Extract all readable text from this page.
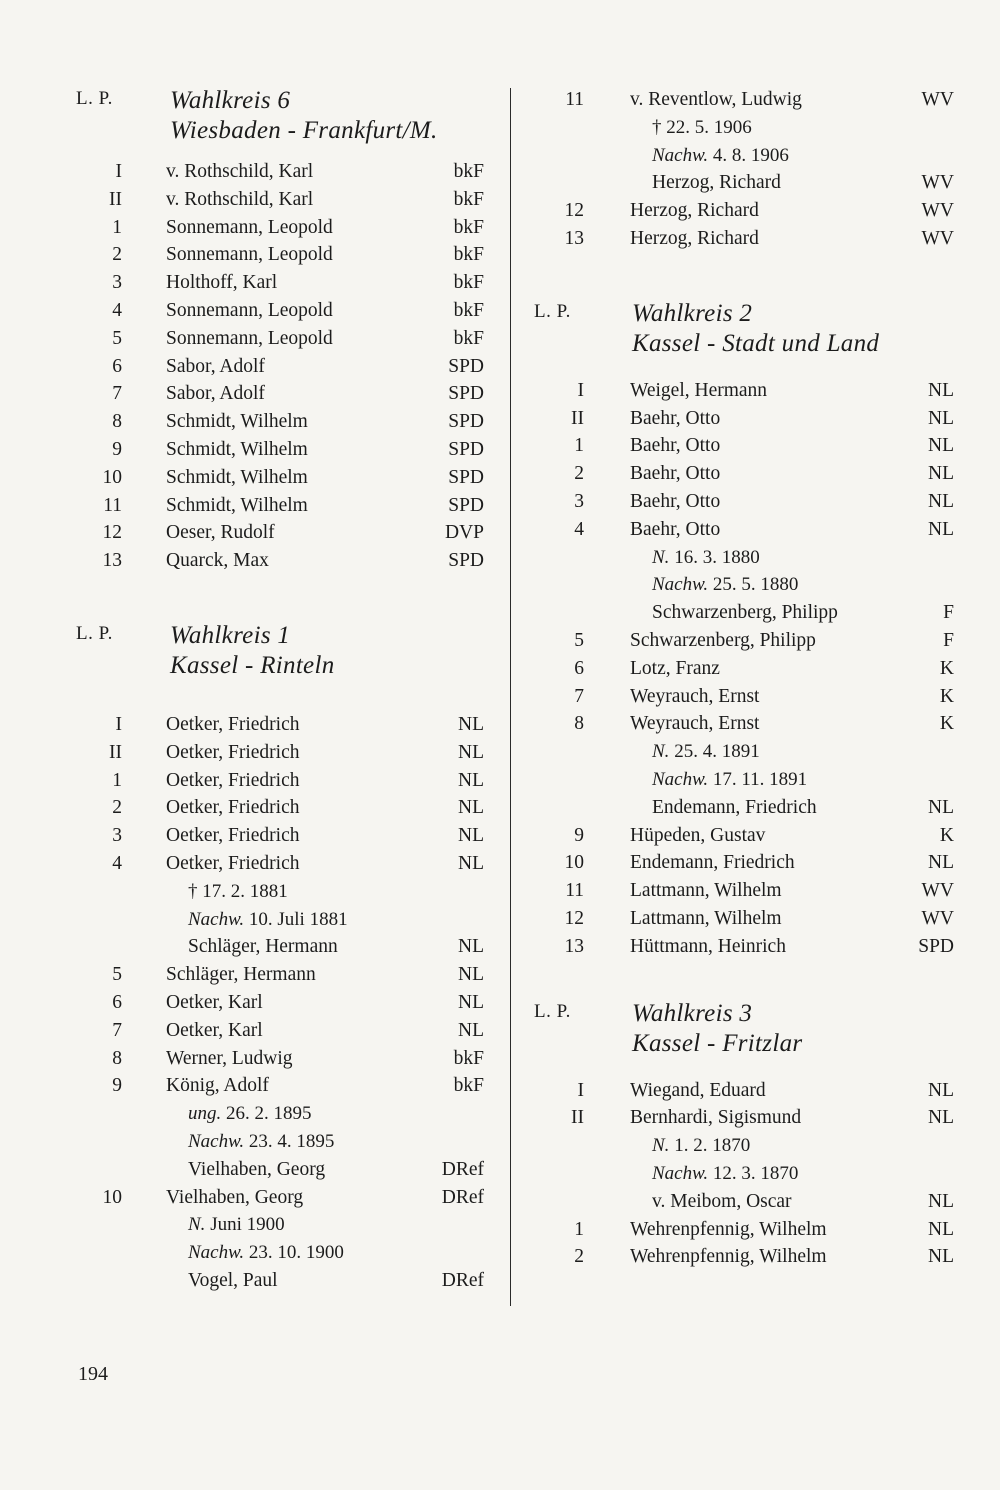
L. P. Wahlkreis 6
Wiesbaden - Frankfurt/M.
I v. Rothschild, Karl	bkF
II v. Rothschild, Karl	bkF
1 Sonnemann, Leopold	bkF
2 Sonnemann, Leopold	bkF
3 Holthoff, Karl	bkF
4 Sonnemann, Leopold	bkF
5 Sonnemann, Leopold	bkF
6 Sabor, Adolf	SPD
7 Sabor, Adolf	SPD
8 Schmidt, Wilhelm	SPD
9 Schmidt, Wilhelm	SPD
10 Schmidt, Wilhelm	SPD
11 Schmidt, Wilhelm	SPD
12 Oeser, Rudolf	DVP
13 Quarck, Max	SPD
L. P. Wahlkreis 1
Kassel - Rinteln
I Oetker, Friedrich	NL
II Oetker, Friedrich	NL
1 Oetker, Friedrich	NL
2 Oetker, Friedrich	NL
3 Oetker, Friedrich	NL
4 Oetker, Friedrich	NL
† 17. 2. 1881
Nachw. 10. Juli 1881
Schläger, Hermann	NL
5 Schläger, Hermann	NL
6 Oetker, Karl	NL
7 Oetker, Karl	NL
8 Werner, Ludwig	bkF
9 König, Adolf	bkF
ung. 26. 2. 1895
Nachw. 23. 4. 1895
Vielhaben, Georg	DRef
10 Vielhaben, Georg	DRef
N. Juni 1900
Nachw. 23. 10. 1900
Vogel, Paul	DRef
11 v. Reventlow, Ludwig	WV
† 22. 5. 1906
Nachw. 4. 8. 1906
Herzog, Richard	WV
12 Herzog, Richard	WV
13 Herzog, Richard	WV
L. P. Wahlkreis 2
Kassel - Stadt und Land
I Weigel, Hermann	NL
II Baehr, Otto	NL
1 Baehr, Otto	NL
2 Baehr, Otto	NL
3 Baehr, Otto	NL
4 Baehr, Otto	NL
N. 16. 3. 1880
Nachw. 25. 5. 1880
Schwarzenberg, Philipp	F
5 Schwarzenberg, Philipp	F
6 Lotz, Franz	K
7 Weyrauch, Ernst	K
8 Weyrauch, Ernst	K
N. 25. 4. 1891
Nachw. 17. 11. 1891
Endemann, Friedrich	NL
9 Hüpeden, Gustav	K
10 Endemann, Friedrich	NL
11 Lattmann, Wilhelm	WV
12 Lattmann, Wilhelm	WV
13 Hüttmann, Heinrich	SPD
L. P. Wahlkreis 3
Kassel - Fritzlar
I Wiegand, Eduard	NL
II Bernhardi, Sigismund	NL
N. 1. 2. 1870
Nachw. 12. 3. 1870
v. Meibom, Oscar	NL
1 Wehrenpfennig, Wilhelm	NL
2 Wehrenpfennig, Wilhelm	NL
194
